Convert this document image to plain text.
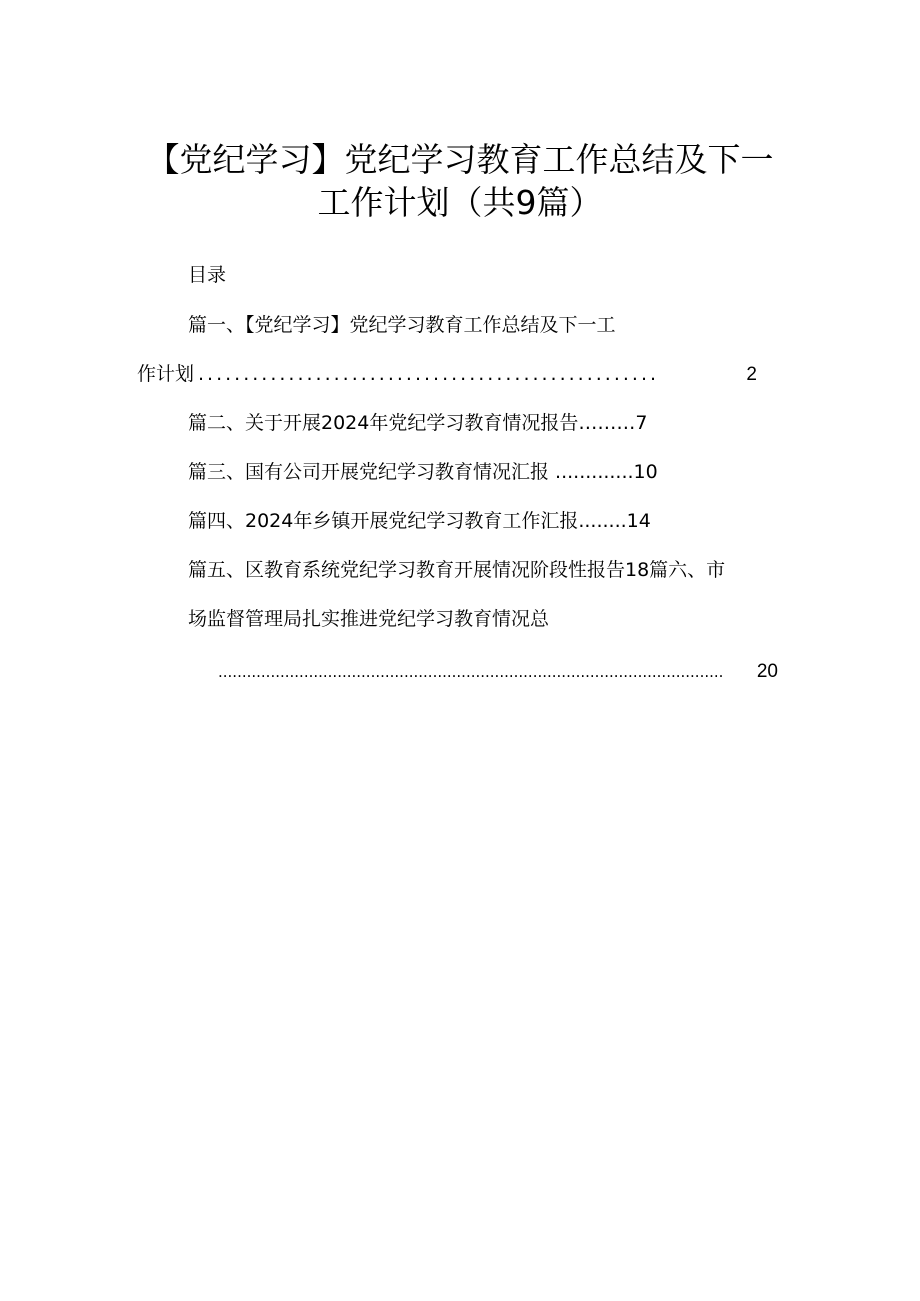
【党纪学习】党纪学习教育工作总结及下一
工作计划（共9篇）
目录
篇一、【党纪学习】党纪学习教育工作总结及下一工
作计划 ...................................................	2
篇二、关于开展2024年党纪学习教育情况报告………7
篇三、国有公司开展党纪学习教育情况汇报 .............10
篇四、2024年乡镇开展党纪学习教育工作汇报........14
篇五、区教育系统党纪学习教育开展情况阶段性报告18篇六、市
场监督管理局扎实推进党纪学习教育情况总
..........................................................................................................	20
